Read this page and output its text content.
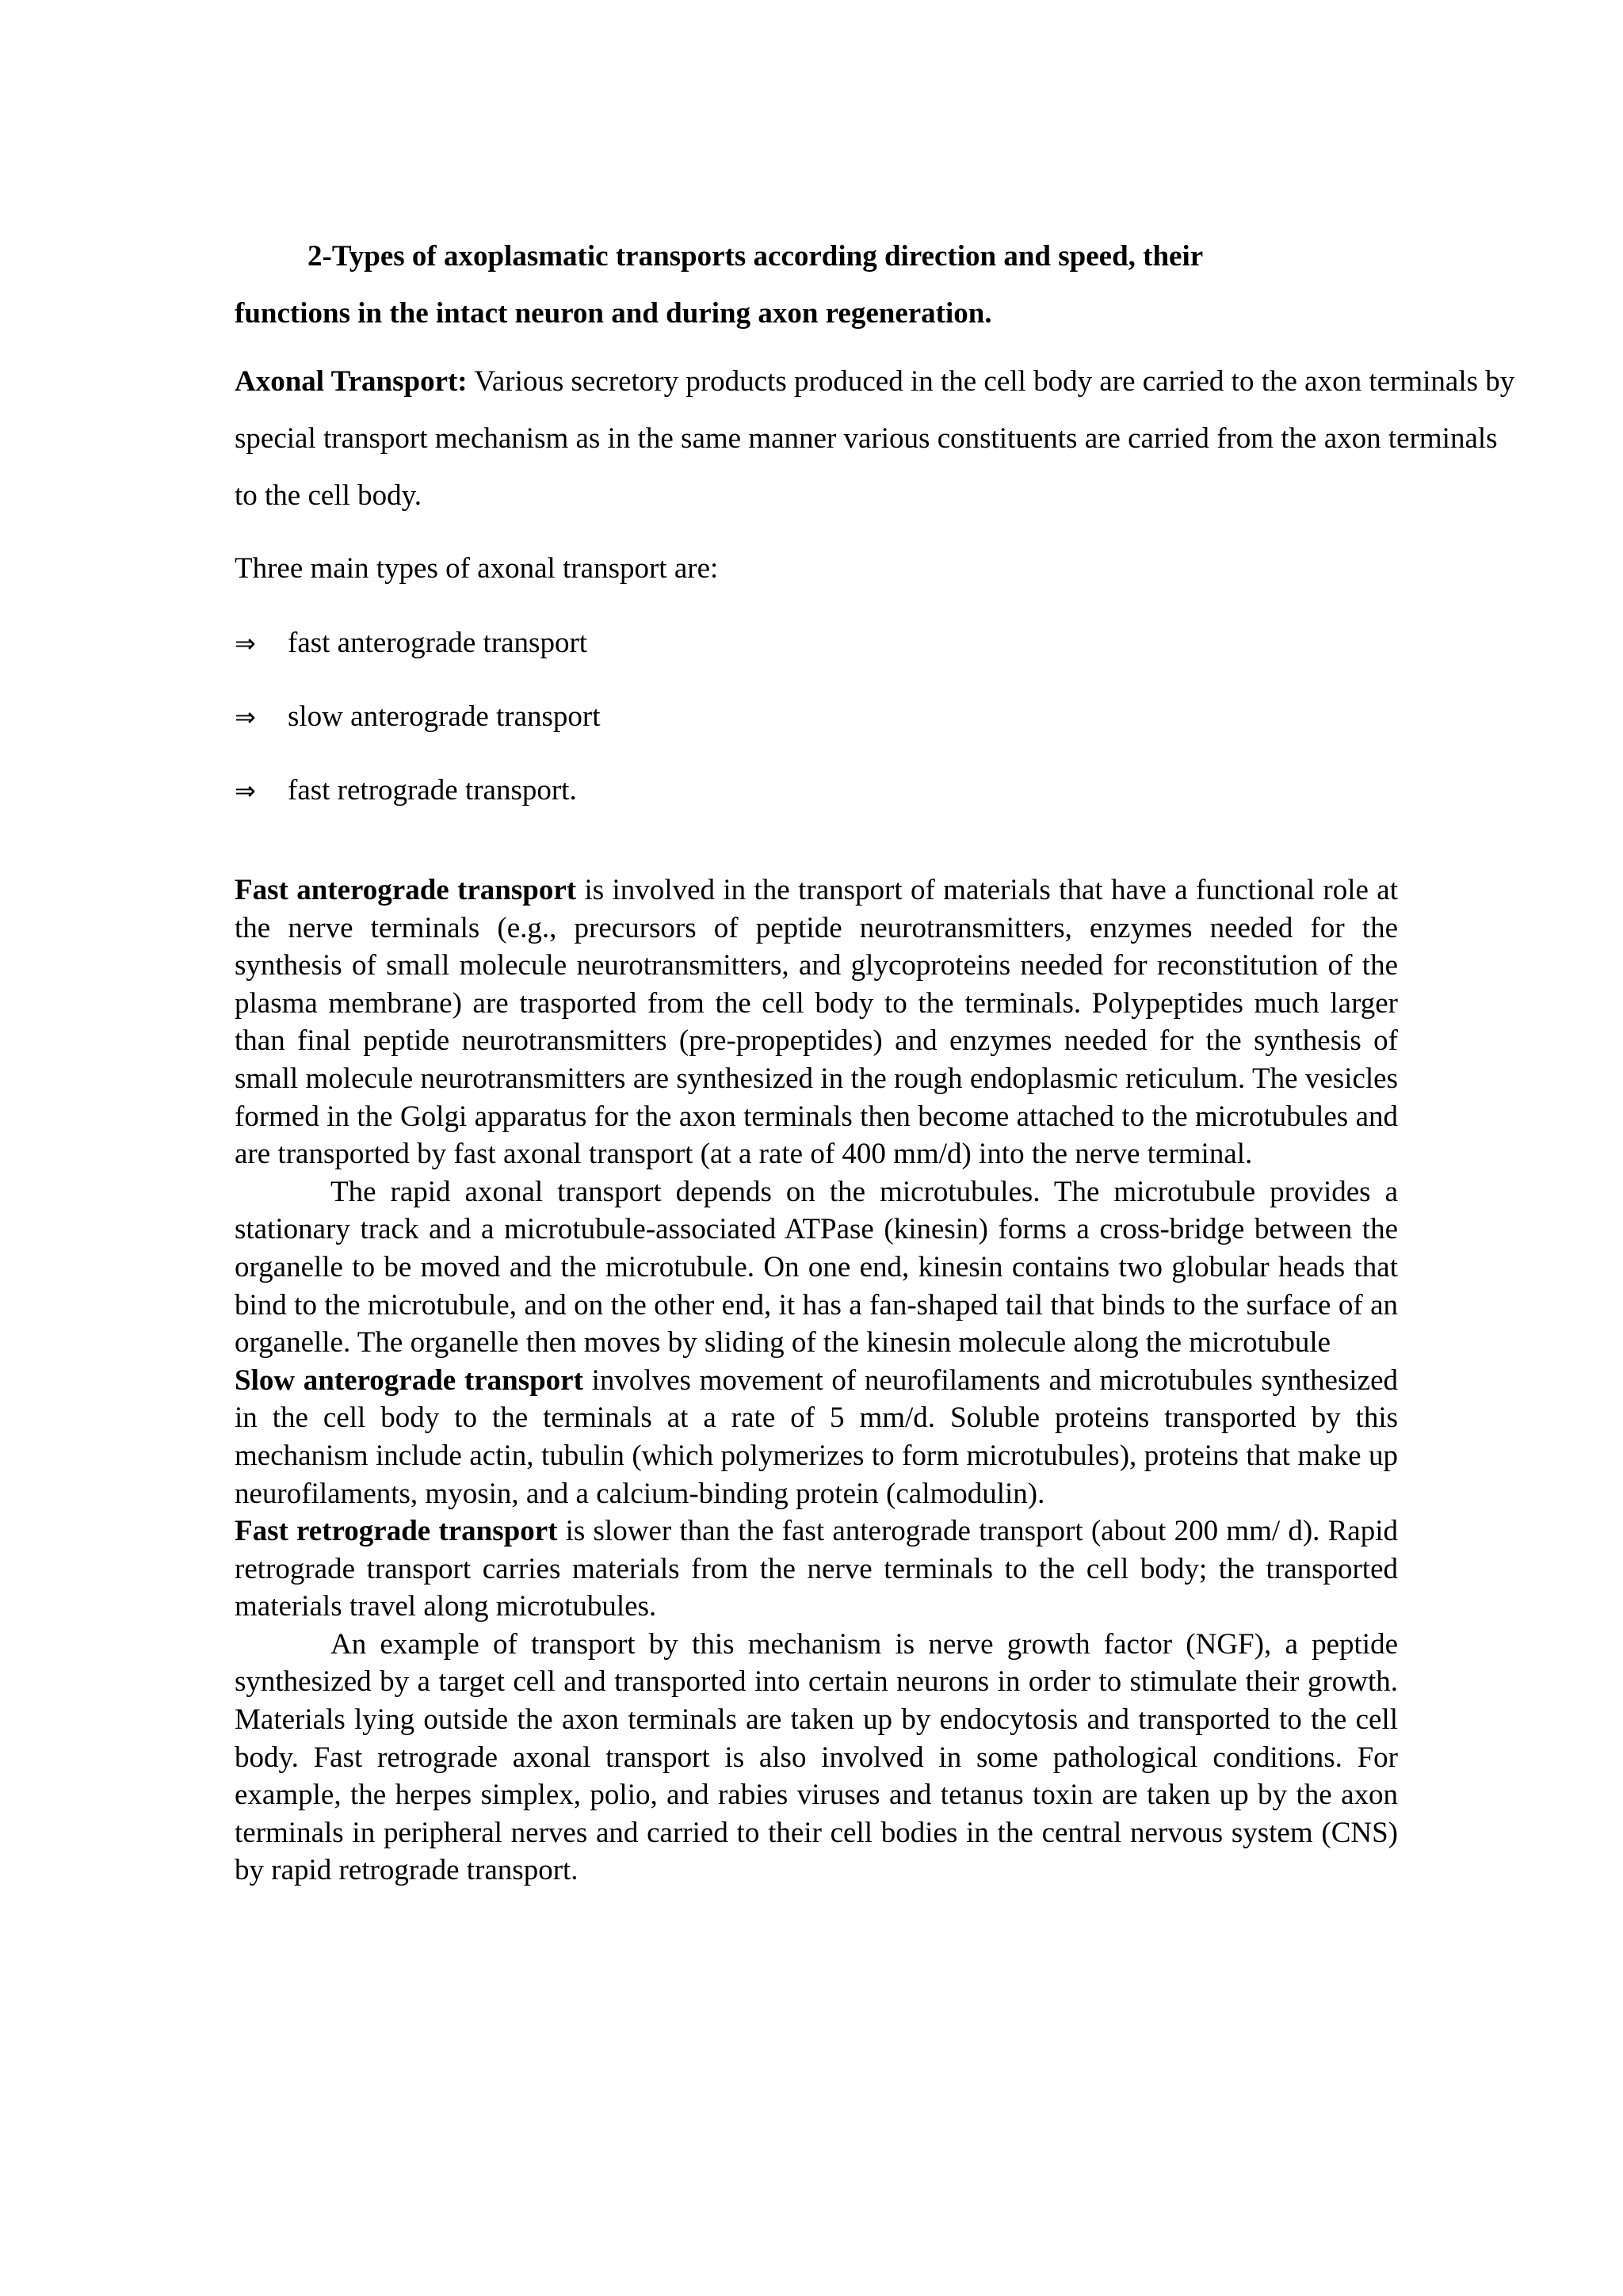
2-Types of axoplasmatic transports according direction and speed, their
functions in the intact neuron and during axon regeneration.

Axonal Transport: Various secretory products produced in the cell body are carried to the axon terminals by special transport mechanism as in the same manner various constituents are carried from the axon terminals to the cell body.

Three main types of axonal transport are:

⇒ fast anterograde transport
⇒ slow anterograde transport
⇒ fast retrograde transport.

Fast anterograde transport is involved in the transport of materials that have a functional role at the nerve terminals (e.g., precursors of peptide neurotransmitters, enzymes needed for the synthesis of small molecule neurotransmitters, and glycoproteins needed for reconstitution of the plasma membrane) are trasported from the cell body to the terminals. Polypeptides much larger than final peptide neurotransmitters (pre-propeptides) and enzymes needed for the synthesis of small molecule neurotransmitters are synthesized in the rough endoplasmic reticulum. The vesicles formed in the Golgi apparatus for the axon terminals then become attached to the microtubules and are transported by fast axonal transport (at a rate of 400 mm/d) into the nerve terminal.

The rapid axonal transport depends on the microtubules. The microtubule provides a stationary track and a microtubule-associated ATPase (kinesin) forms a cross-bridge between the organelle to be moved and the microtubule. On one end, kinesin contains two globular heads that bind to the microtubule, and on the other end, it has a fan-shaped tail that binds to the surface of an organelle. The organelle then moves by sliding of the kinesin molecule along the microtubule

Slow anterograde transport involves movement of neurofilaments and microtubules synthesized in the cell body to the terminals at a rate of 5 mm/d. Soluble proteins transported by this mechanism include actin, tubulin (which polymerizes to form microtubules), proteins that make up neurofilaments, myosin, and a calcium-binding protein (calmodulin).

Fast retrograde transport is slower than the fast anterograde transport (about 200 mm/ d). Rapid retrograde transport carries materials from the nerve terminals to the cell body; the transported materials travel along microtubules.

An example of transport by this mechanism is nerve growth factor (NGF), a peptide synthesized by a target cell and transported into certain neurons in order to stimulate their growth. Materials lying outside the axon terminals are taken up by endocytosis and transported to the cell body. Fast retrograde axonal transport is also involved in some pathological conditions. For example, the herpes simplex, polio, and rabies viruses and tetanus toxin are taken up by the axon terminals in peripheral nerves and carried to their cell bodies in the central nervous system (CNS) by rapid retrograde transport.
